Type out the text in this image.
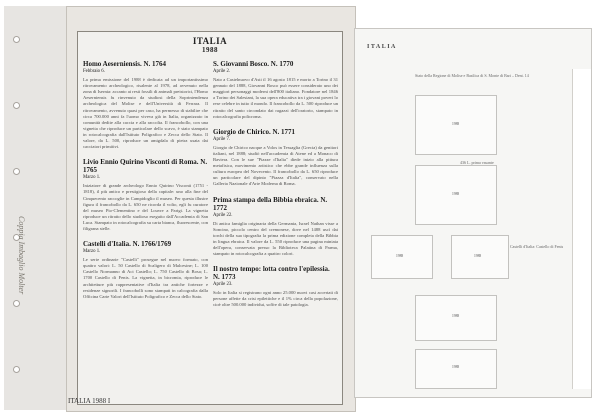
Coppia Imbaglio Molter
ITALIA
1988
Homo Aeserniensis. N. 1764
Febbraio 6.
La prima emissione del 1988 è dedicata ad un importantissimo ritrovamento archeologico, risalente al 1978, ad avvenuto nella zona di Isernia: accanto ai resti fossili di animali preistorici, l'Homo Aeserniensis fu rinvenuto da studiosi della Soprintendenza archeologica del Molise e dell'Università di Ferrara. Il ritrovamento, avvenuto quasi per caso, ha permesso di stabilire che circa 700.000 anni fa l'uomo viveva già in Italia, organizzato in comunità dedite alla caccia e alla raccolta. Il francobollo, con una vignetta che riproduce un particolare dello scavo, è stato stampato in rotocalcografia dall'Istituto Poligrafico e Zecca dello Stato. Il valore, da L. 500, riproduce un amigdala di pietra usata dai cacciatori primitivi.
Livio Ennio Quirino Visconti di Roma. N. 1765
Marzo 1.
Iniziatore di grande archeologo Ennio Quirino Visconti (1751 - 1818), il più antico e prestigioso della capitale: uno alla fine del Cinquecento raccoglie in Campidoglio il museo. Per questa illustre figura il francobollo da L. 650 ne ricorda il volto, egli fu curatore del museo Pio-Clementino e del Louvre a Parigi. La vignetta riproduce un ritratto dello studioso eseguito dall'Accademia di San Luca. Stampato in rotocalcografia su carta bianca, fluorescente, con filigrana stelle.
Castelli d'Italia. N. 1766/1769
Marzo 1.
Le serie ordinarie "Castelli" prosegue nel nuovo formato, con quattro valori: L. 50 Castello di Scaligero di Malcesine; L. 100 Castello Normanno di Aci Castello; L. 750 Castello di Bosa; L. 1700 Castello di Fenis. La vignetta, in bicromia, riproduce le architetture più rappresentative d'Italia tra antiche fortezze e residenze signorili. I francobolli sono stampati in calcografia dalla Officina Carte Valori dell'Istituto Poligrafico e Zecca dello Stato.
S. Giovanni Bosco. N. 1770
Aprile 2.
Nato a Castelnuovo d'Asti il 16 agosto 1815 e morto a Torino il 31 gennaio del 1888, Giovanni Bosco può essere considerato uno dei maggiori personaggi moderni dell'800 italiano. Fondatore nel 1846 a Torino dei Salesiani, la sua opera educativa tra i giovani poveri lo rese celebre in tutto il mondo. Il francobollo da L. 500 riproduce un ritratto del santo circondato dai ragazzi dell'oratorio, stampato in rotocalcografia policroma.
Giorgio de Chirico. N. 1771
Aprile 7.
Giorgio de Chirico nacque a Volos in Tessaglia (Grecia) da genitori italiani, nel 1888; studiò nell'accademia di Atene ed a Monaco di Baviera. Con le sue "Piazze d'Italia" diede inizio alla pittura metafisica, movimento artistico che ebbe grande influenza sulla cultura europea del Novecento. Il francobollo da L. 650 riproduce un particolare del dipinto "Piazza d'Italia", conservato nella Galleria Nazionale d'Arte Moderna di Roma.
Prima stampa della Bibbia ebraica. N. 1772
Aprile 22.
Di antica famiglia originaria della Germania, Israel Nathan visse a Soncino, piccolo centro del cremonese, dove nel 1488 uscì dai torchi della sua tipografia la prima edizione completa della Bibbia in lingua ebraica. Il valore da L. 550 riproduce una pagina miniata dell'opera, conservata presso la Biblioteca Palatina di Parma, stampato in rotocalcografia a quattro colori.
Il nostro tempo: lotta contro l'epilessia. N. 1773
Aprile 23.
Solo in Italia si registrano ogni anno 25.000 nuovi casi accertati di persone affette da crisi epilettiche e il 1% circa della popolazione, cioè oltre 500.000 individui, soffre di tale patologia.
ITALIA 1988 I
ITALIA
Stato della Regione di Molise e Basilica di S. Monte di Bari – Dent. 14
1988
436 L. prima vasante
1988
1988	1988
Castelli d'Italia: Castello di Fenis
1988
1988
